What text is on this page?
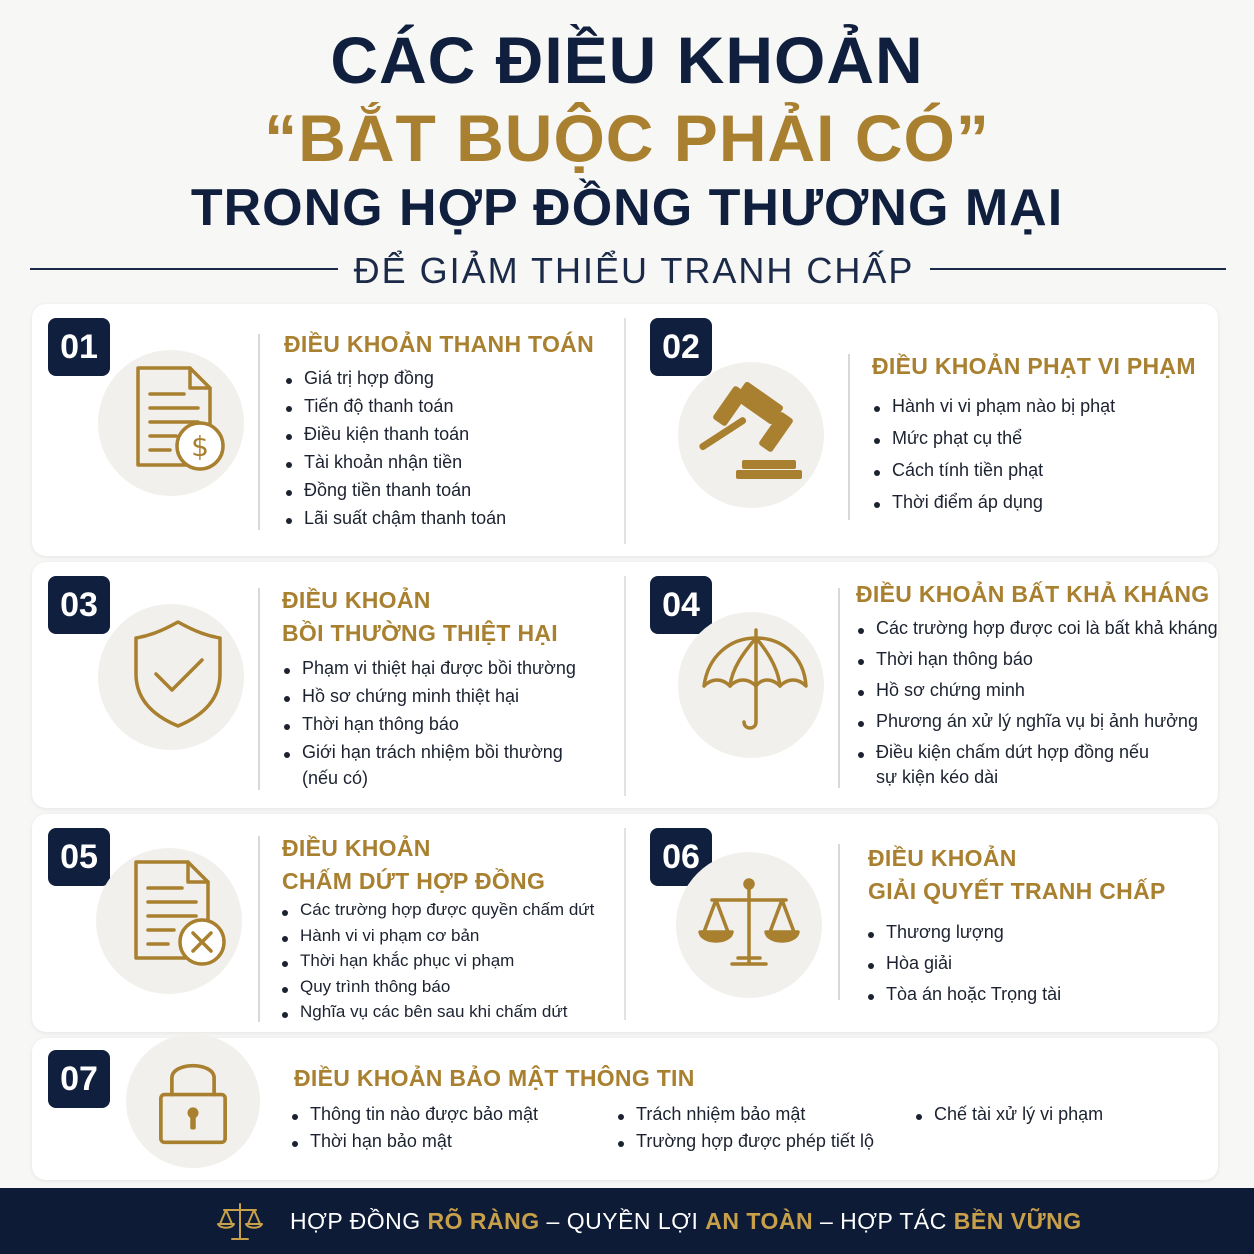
CÁC ĐIỀU KHOẢN
“BẮT BUỘC PHẢI CÓ”
TRONG HỢP ĐỒNG THƯƠNG MẠI
ĐỂ GIẢM THIỂU TRANH CHẤP
01
$
ĐIỀU KHOẢN THANH TOÁN
Giá trị hợp đồng
Tiến độ thanh toán
Điều kiện thanh toán
Tài khoản nhận tiền
Đồng tiền thanh toán
Lãi suất chậm thanh toán
02
ĐIỀU KHOẢN PHẠT VI PHẠM
Hành vi vi phạm nào bị phạt
Mức phạt cụ thể
Cách tính tiền phạt
Thời điểm áp dụng
03	ĐIỀU KHOẢN
BỒI THƯỜNG THIỆT HẠI
Phạm vi thiệt hại được bồi thường
Hồ sơ chứng minh thiệt hại
Thời hạn thông báo
Giới hạn trách nhiệm bồi thường
(nếu có)
04	ĐIỀU KHOẢN BẤT KHẢ KHÁNG
Các trường hợp được coi là bất khả kháng
Thời hạn thông báo
Hồ sơ chứng minh
Phương án xử lý nghĩa vụ bị ảnh hưởng
Điều kiện chấm dứt hợp đồng nếu
sự kiện kéo dài
05	ĐIỀU KHOẢN
CHẤM DỨT HỢP ĐỒNG
Các trường hợp được quyền chấm dứt
Hành vi vi phạm cơ bản
Thời hạn khắc phục vi phạm
Quy trình thông báo
Nghĩa vụ các bên sau khi chấm dứt
06	ĐIỀU KHOẢN
GIẢI QUYẾT TRANH CHẤP
Thương lượng
Hòa giải
Tòa án hoặc Trọng tài
07	ĐIỀU KHOẢN BẢO MẬT THÔNG TIN
Thông tin nào được bảo mật
Thời hạn bảo mật
Trách nhiệm bảo mật
Trường hợp được phép tiết lộ
Chế tài xử lý vi phạm
HỢP ĐỒNG RÕ RÀNG – QUYỀN LỢI AN TOÀN – HỢP TÁC BỀN VỮNG
